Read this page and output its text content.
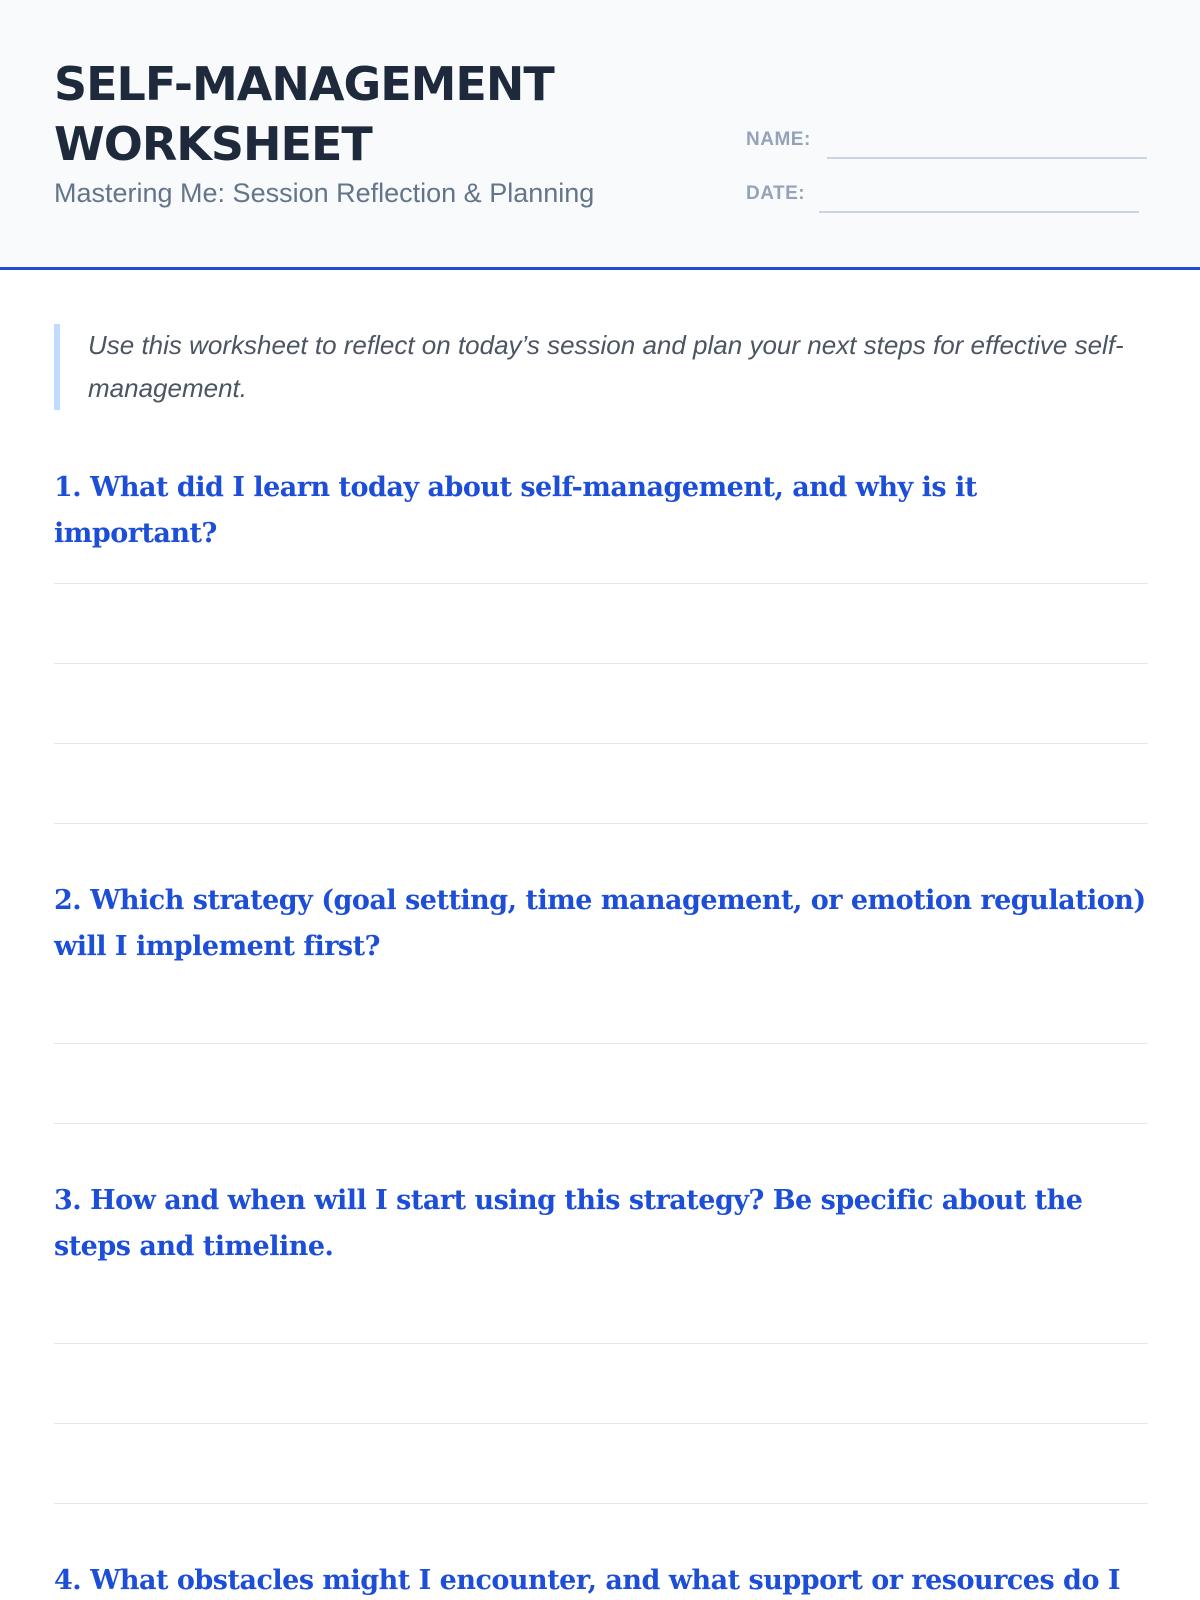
SELF-MANAGEMENT WORKSHEET
Mastering Me: Session Reflection & Planning
NAME:
DATE:
Use this worksheet to reflect on today’s session and plan your next steps for effective self-management.
1. What did I learn today about self-management, and why is it important?
2. Which strategy (goal setting, time management, or emotion regulation) will I implement first?
3. How and when will I start using this strategy? Be specific about the steps and timeline.
4. What obstacles might I encounter, and what support or resources do I
